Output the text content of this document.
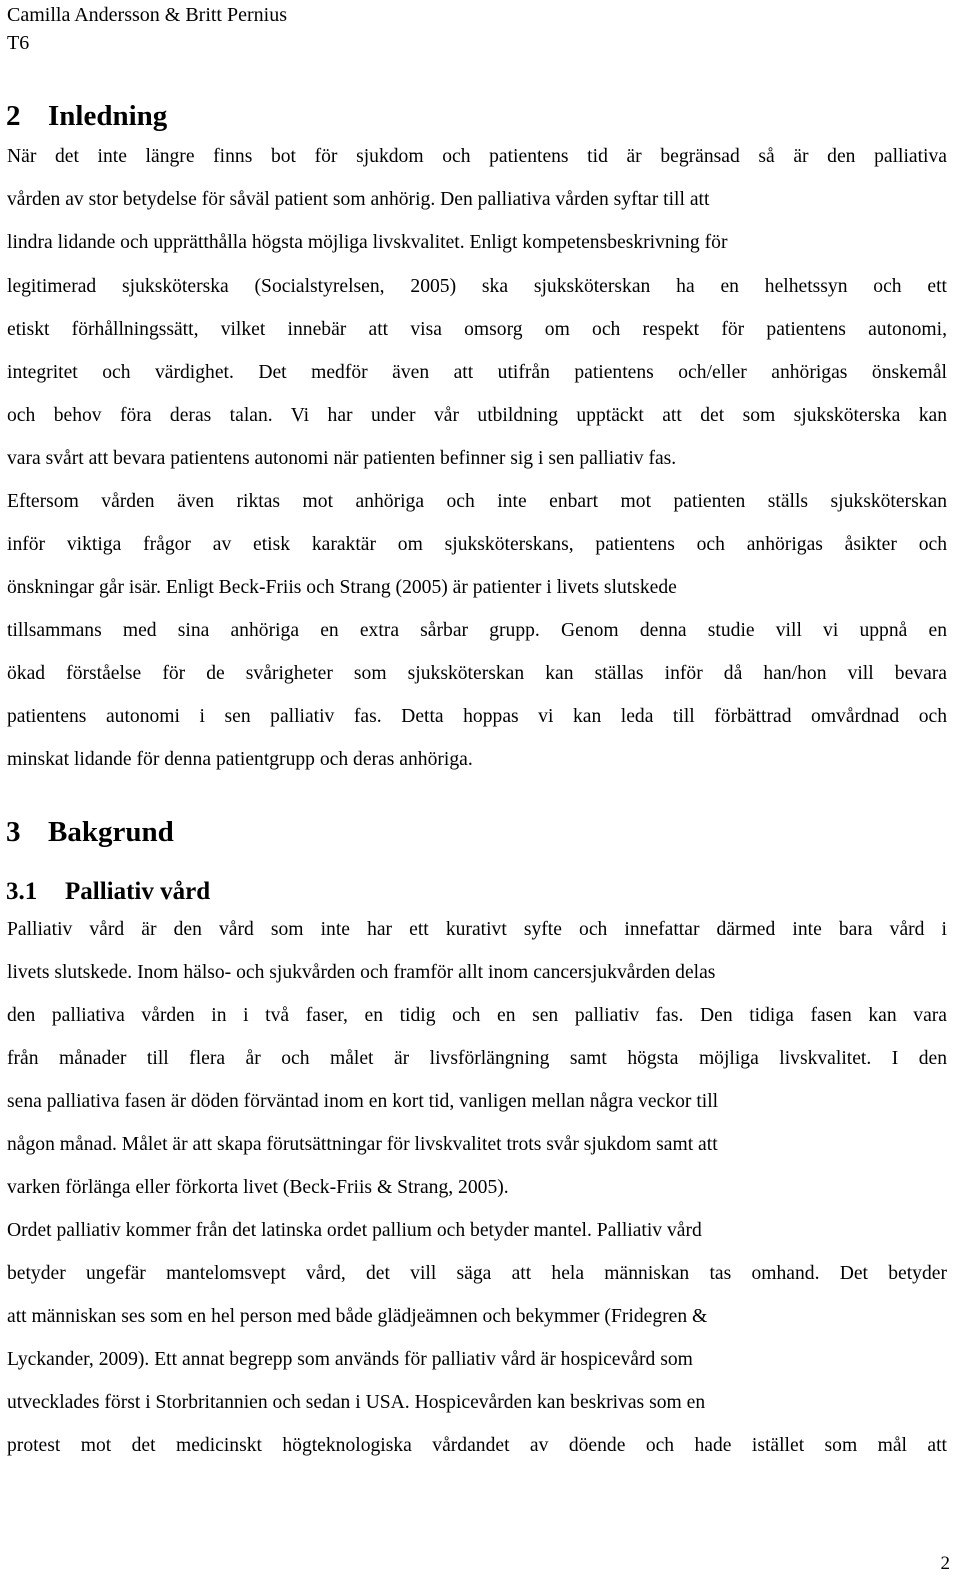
Camilla Andersson & Britt Pernius
T6
2 Inledning
När det inte längre finns bot för sjukdom och patientens tid är begränsad så är den palliativa
vården av stor betydelse för såväl patient som anhörig. Den palliativa vården syftar till att
lindra lidande och upprätthålla högsta möjliga livskvalitet. Enligt kompetensbeskrivning för
legitimerad sjuksköterska (Socialstyrelsen, 2005) ska sjuksköterskan ha en helhetssyn och ett
etiskt förhållningssätt, vilket innebär att visa omsorg om och respekt för patientens autonomi,
integritet och värdighet. Det medför även att utifrån patientens och/eller anhörigas önskemål
och behov föra deras talan. Vi har under vår utbildning upptäckt att det som sjuksköterska kan
vara svårt att bevara patientens autonomi när patienten befinner sig i sen palliativ fas.
Eftersom vården även riktas mot anhöriga och inte enbart mot patienten ställs sjuksköterskan
inför viktiga frågor av etisk karaktär om sjuksköterskans, patientens och anhörigas åsikter och
önskningar går isär. Enligt Beck-Friis och Strang (2005) är patienter i livets slutskede
tillsammans med sina anhöriga en extra sårbar grupp. Genom denna studie vill vi uppnå en
ökad förståelse för de svårigheter som sjuksköterskan kan ställas inför då han/hon vill bevara
patientens autonomi i sen palliativ fas. Detta hoppas vi kan leda till förbättrad omvårdnad och
minskat lidande för denna patientgrupp och deras anhöriga.
3 Bakgrund
3.1 Palliativ vård
Palliativ vård är den vård som inte har ett kurativt syfte och innefattar därmed inte bara vård i
livets slutskede. Inom hälso- och sjukvården och framför allt inom cancersjukvården delas
den palliativa vården in i två faser, en tidig och en sen palliativ fas. Den tidiga fasen kan vara
från månader till flera år och målet är livsförlängning samt högsta möjliga livskvalitet. I den
sena palliativa fasen är döden förväntad inom en kort tid, vanligen mellan några veckor till
någon månad. Målet är att skapa förutsättningar för livskvalitet trots svår sjukdom samt att
varken förlänga eller förkorta livet (Beck-Friis & Strang, 2005).
Ordet palliativ kommer från det latinska ordet pallium och betyder mantel. Palliativ vård
betyder ungefär mantelomsvept vård, det vill säga att hela människan tas omhand. Det betyder
att människan ses som en hel person med både glädjeämnen och bekymmer (Fridegren &
Lyckander, 2009). Ett annat begrepp som används för palliativ vård är hospicevård som
utvecklades först i Storbritannien och sedan i USA. Hospicevården kan beskrivas som en
protest mot det medicinskt högteknologiska vårdandet av döende och hade istället som mål att
2
